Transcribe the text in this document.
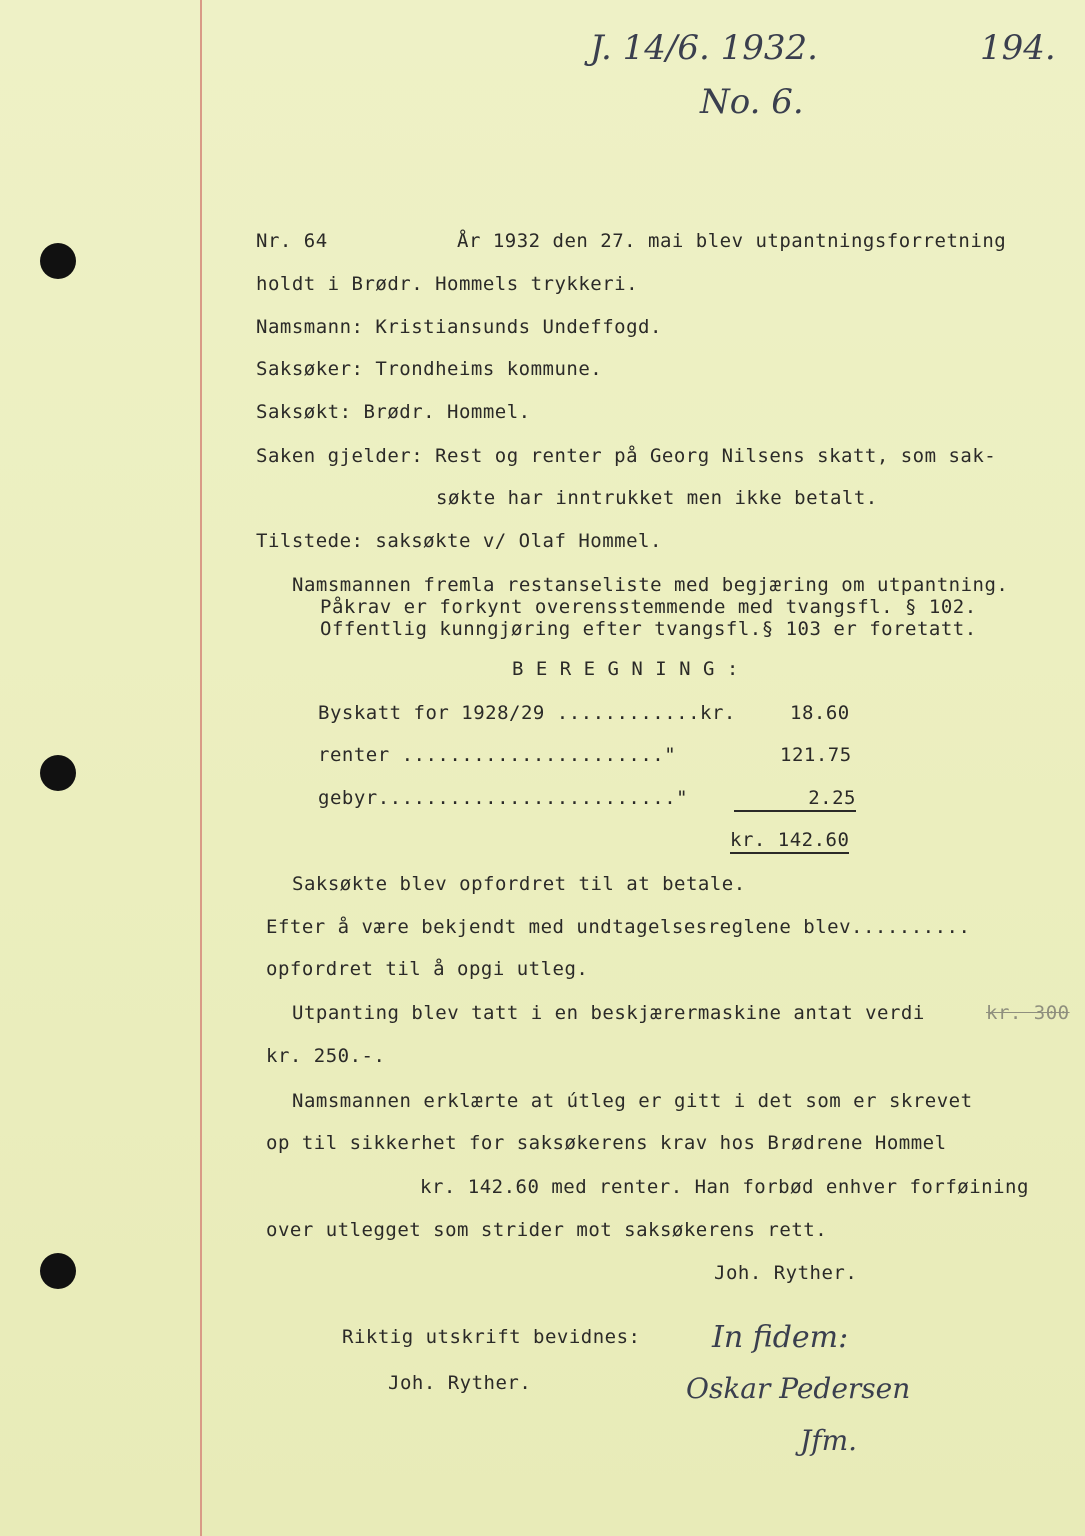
J. 14/6. 1932.
No. 6.
194.
Nr. 64	År 1932 den 27. mai blev utpantningsforretning
holdt i Brødr. Hommels trykkeri.
Namsmann: Kristiansunds Undeffogd.
Saksøker: Trondheims kommune.
Saksøkt: Brødr. Hommel.
Saken gjelder: Rest og renter på Georg Nilsens skatt, som sak-
søkte har inntrukket men ikke betalt.
Tilstede: saksøkte v/ Olaf Hommel.
Namsmannen fremla restanseliste med begjæring om utpantning.
Påkrav er forkynt overensstemmende med tvangsfl. § 102.
Offentlig kunngjøring efter tvangsfl.§ 103 er foretatt.
B E R E G N I N G :
Byskatt for 1928/29 ............kr.	18.60
renter ......................"	121.75
gebyr........................."	2.25
kr. 142.60
Saksøkte blev opfordret til at betale.
Efter å være bekjendt med undtagelsesreglene blev..........
opfordret til å opgi utleg.
Utpanting blev tatt i en beskjærermaskine antat verdi	kr. 300
kr. 250.-.
Namsmannen erklærte at útleg er gitt i det som er skrevet
op til sikkerhet for saksøkerens krav hos Brødrene Hommel
kr. 142.60 med renter. Han forbød enhver forføining
over utlegget som strider mot saksøkerens rett.
Joh. Ryther.
Riktig utskrift bevidnes:
Joh. Ryther.
In fidem:
Oskar Pedersen
Jfm.
